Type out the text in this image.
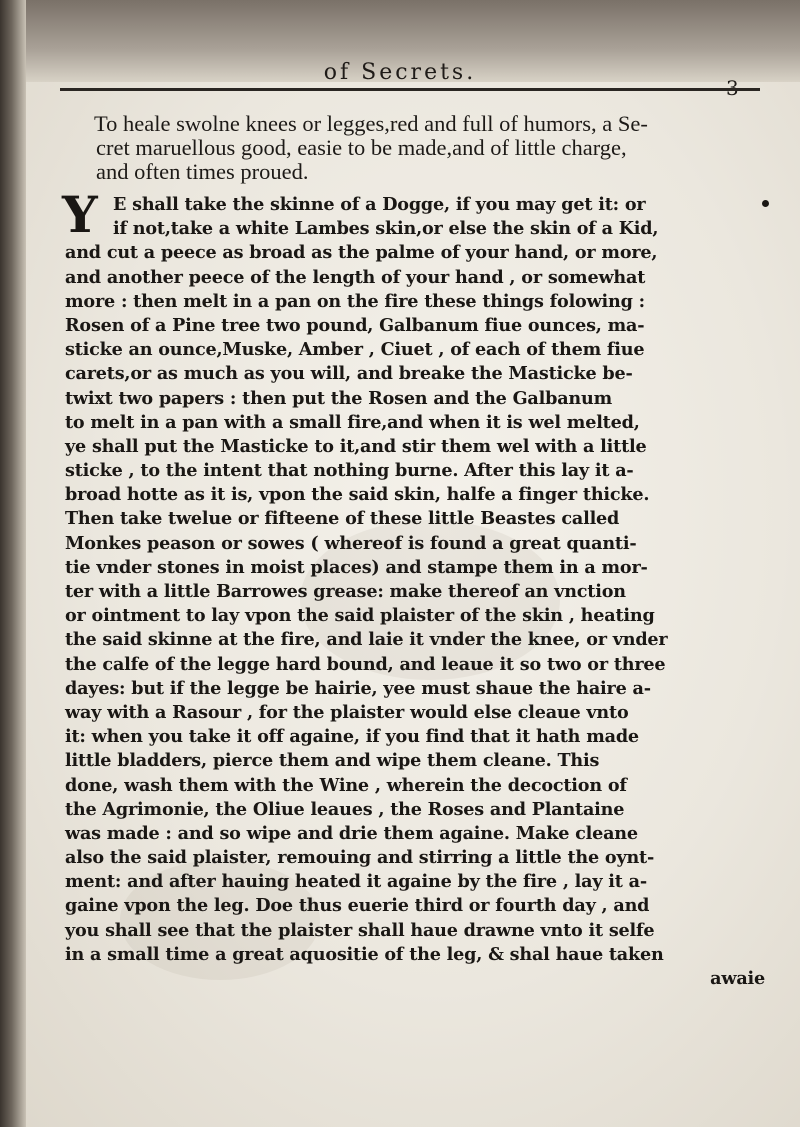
of Secrets.
To heale swolne knees or legges,red and full of humors, a Se-
cret maruellous good, easie to be made,and of little charge,
and often times proued.
Y E shall take the skinne of a Dogge, if you may get it: or
if not,take a white Lambes skin,or else the skin of a Kid,
and cut a peece as broad as the palme of your hand, or more,
and another peece of the length of your hand , or somewhat
more : then melt in a pan on the fire these things folowing :
Rosen of a Pine tree two pound, Galbanum fiue ounces, ma-
sticke an ounce,Muske, Amber , Ciuet , of each of them fiue
carets,or as much as you will, and breake the Masticke be-
twixt two papers : then put the Rosen and the Galbanum
to melt in a pan with a small fire,and when it is wel melted,
ye shall put the Masticke to it,and stir them wel with a little
sticke , to the intent that nothing burne. After this lay it a-
broad hotte as it is, vpon the said skin, halfe a finger thicke.
Then take twelue or fifteene of these little Beastes called
Monkes peason or sowes ( whereof is found a great quanti-
tie vnder stones in moist places) and stampe them in a mor-
ter with a little Barrowes grease: make thereof an vnction
or ointment to lay vpon the said plaister of the skin , heating
the said skinne at the fire, and laie it vnder the knee, or vnder
the calfe of the legge hard bound, and leaue it so two or three
dayes: but if the legge be hairie, yee must shaue the haire a-
way with a Rasour , for the plaister would else cleaue vnto
it: when you take it off againe, if you find that it hath made
little bladders, pierce them and wipe them cleane. This
done, wash them with the Wine , wherein the decoction of
the Agrimonie, the Oliue leaues , the Roses and Plantaine
was made : and so wipe and drie them againe. Make cleane
also the said plaister, remouing and stirring a little the oynt-
ment: and after hauing heated it againe by the fire , lay it a-
gaine vpon the leg. Doe thus euerie third or fourth day , and
you shall see that the plaister shall haue drawne vnto it selfe
in a small time a great aquositie of the leg, & shal haue taken
awaie
